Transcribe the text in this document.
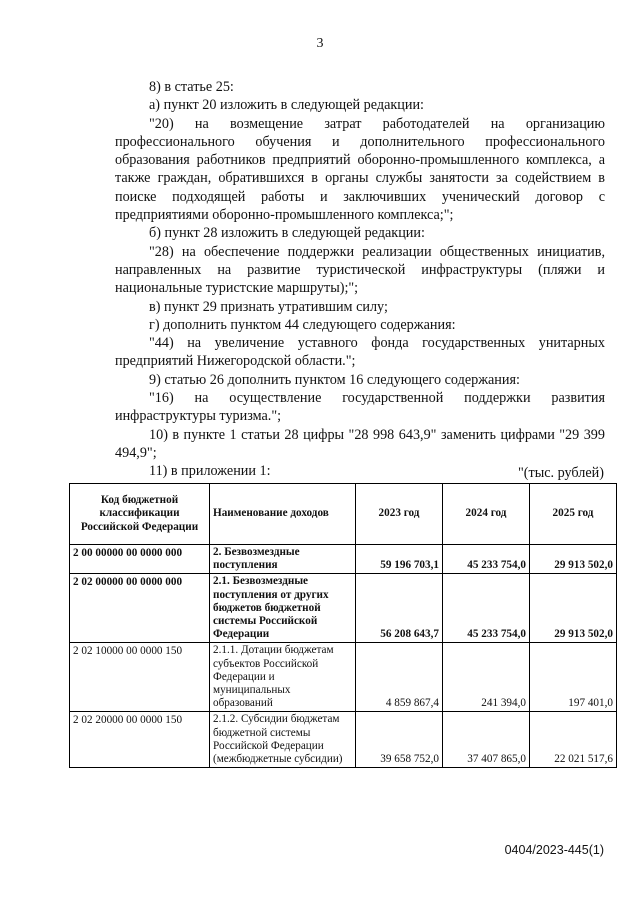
3

8) в статье 25:

а) пункт 20 изложить в следующей редакции:

"20) на возмещение затрат работодателей на организацию профессионального обучения и дополнительного профессионального образования работников предприятий оборонно-промышленного комплекса, а также граждан, обратившихся в органы службы занятости за содействием в поиске подходящей работы и заключивших ученический договор с предприятиями оборонно-промышленного комплекса;";

б) пункт 28 изложить в следующей редакции:

"28) на обеспечение поддержки реализации общественных инициатив, направленных на развитие туристической инфраструктуры (пляжи и национальные туристские маршруты);";

в) пункт 29 признать утратившим силу;

г) дополнить пунктом 44 следующего содержания:

"44) на увеличение уставного фонда государственных унитарных предприятий Нижегородской области.";

9) статью 26 дополнить пунктом 16 следующего содержания:

"16) на осуществление государственной поддержки развития инфраструктуры туризма.";

10) в пункте 1 статьи 28 цифры "28 998 643,9" заменить цифрами "29 399 494,9";

11) в приложении 1:	"(тыс. рублей)
Код бюджетной классификации Российской Федерации	Наименование доходов	2023 год	2024 год	2025 год
2 00 00000 00 0000 000	2. Безвозмездные поступления	59 196 703,1	45 233 754,0	29 913 502,0
2 02 00000 00 0000 000	2.1. Безвозмездные поступления от других бюджетов бюджетной системы Российской Федерации	56 208 643,7	45 233 754,0	29 913 502,0
2 02 10000 00 0000 150	2.1.1. Дотации бюджетам субъектов Российской Федерации и муниципальных образований	4 859 867,4	241 394,0	197 401,0
2 02 20000 00 0000 150	2.1.2. Субсидии бюджетам бюджетной системы Российской Федерации (межбюджетные субсидии)	39 658 752,0	37 407 865,0	22 021 517,6
0404/2023-445(1)
